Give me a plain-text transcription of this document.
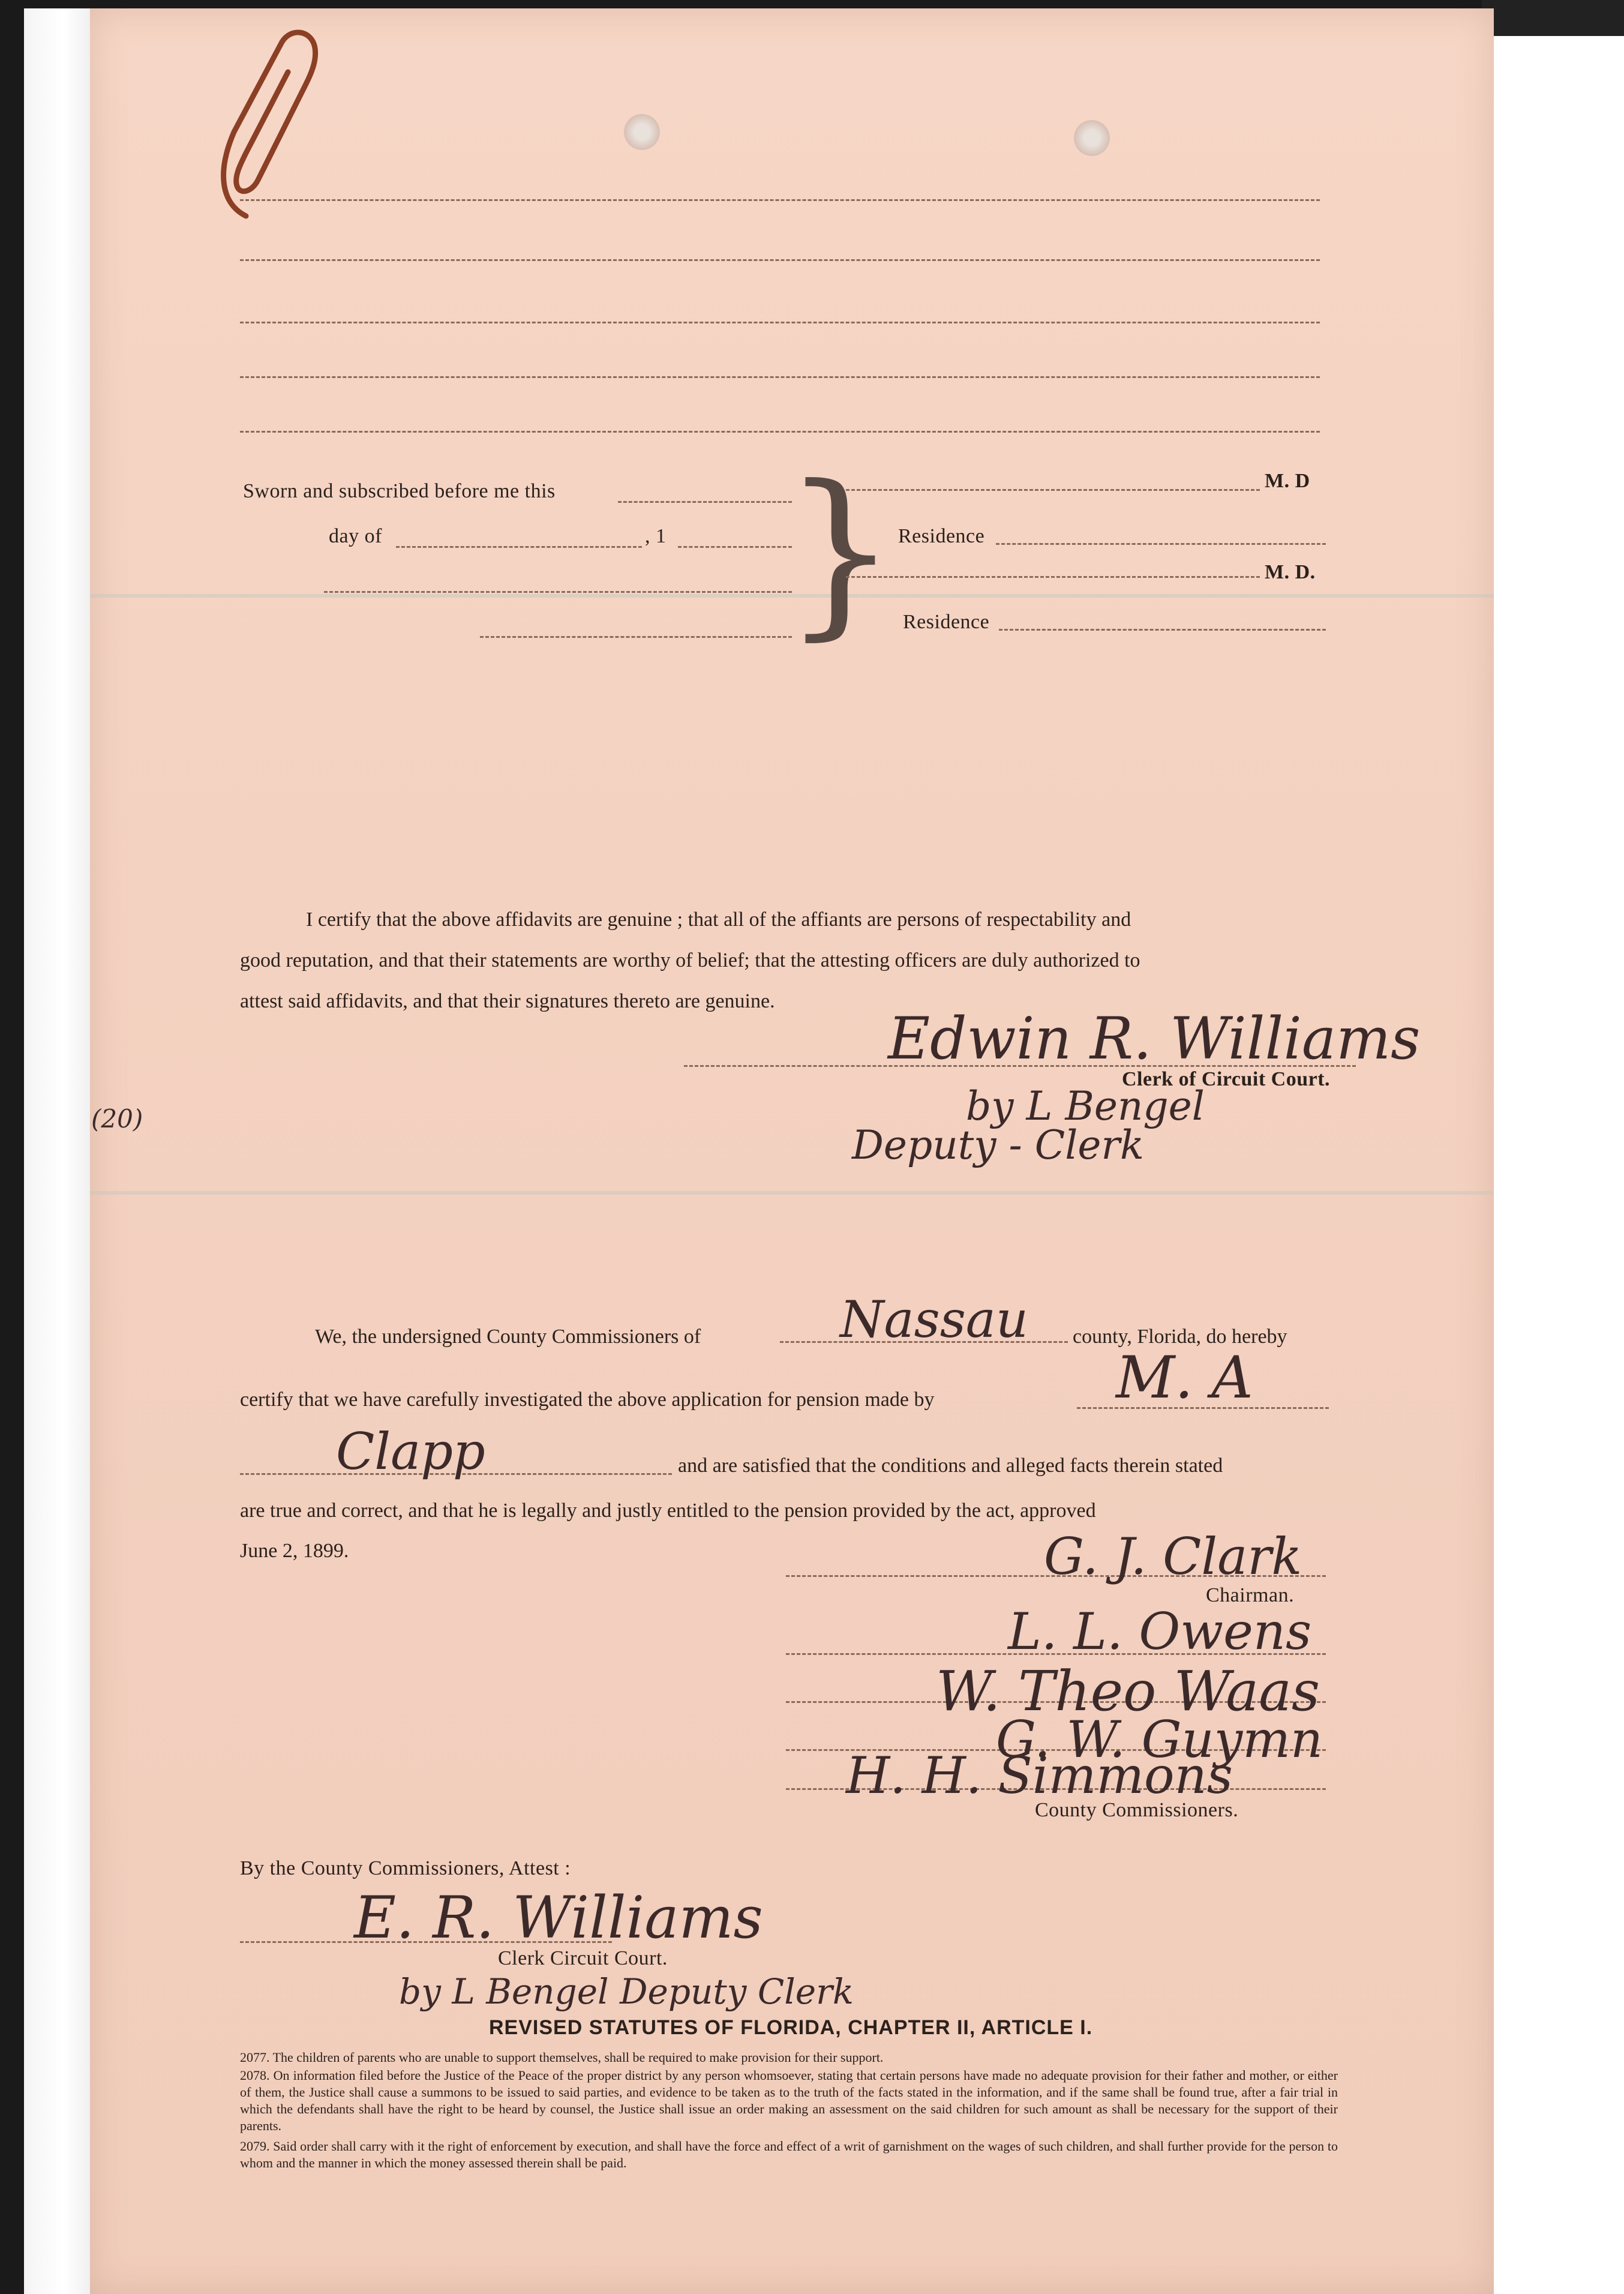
Sworn and subscribed before me this
day of	, 1 }	M. D
Residence
M. D.
Residence
I certify that the above affidavits are genuine ; that all of the affiants are persons of respectability and
good reputation, and that their statements are worthy of belief; that the attesting officers are duly authorized to
attest said affidavits, and that their signatures thereto are genuine.
Edwin R. Williams
Clerk of Circuit Court.
by L Bengel
Deputy - Clerk
(20)
We, the undersigned County Commissioners of	Nassau county, Florida, do hereby
certify that we have carefully investigated the above application for pension made by	M. A
Clapp	and are satisfied that the conditions and alleged facts therein stated
are true and correct, and that he is legally and justly entitled to the pension provided by the act, approved
June 2, 1899.	G. J. Clark
Chairman.
L. L. Owens
W. Theo Waas
G. W. Guymn
H. H. Simmons
County Commissioners.
By the County Commissioners, Attest :
E. R. Williams
Clerk Circuit Court.
by L Bengel Deputy Clerk
REVISED STATUTES OF FLORIDA, CHAPTER II, ARTICLE I.
2077. The children of parents who are unable to support themselves, shall be required to make provision for their support.
2078. On information filed before the Justice of the Peace of the proper district by any person whomsoever, stating that certain persons have made no adequate provision for their father and mother, or either of them, the Justice shall cause a summons to be issued to said parties, and evidence to be taken as to the truth of the facts stated in the information, and if the same shall be found true, after a fair trial in which the defendants shall have the right to be heard by counsel, the Justice shall issue an order making an assessment on the said children for such amount as shall be necessary for the support of their parents.
2079. Said order shall carry with it the right of enforcement by execution, and shall have the force and effect of a writ of garnishment on the wages of such children, and shall further provide for the person to whom and the manner in which the money assessed therein shall be paid.
